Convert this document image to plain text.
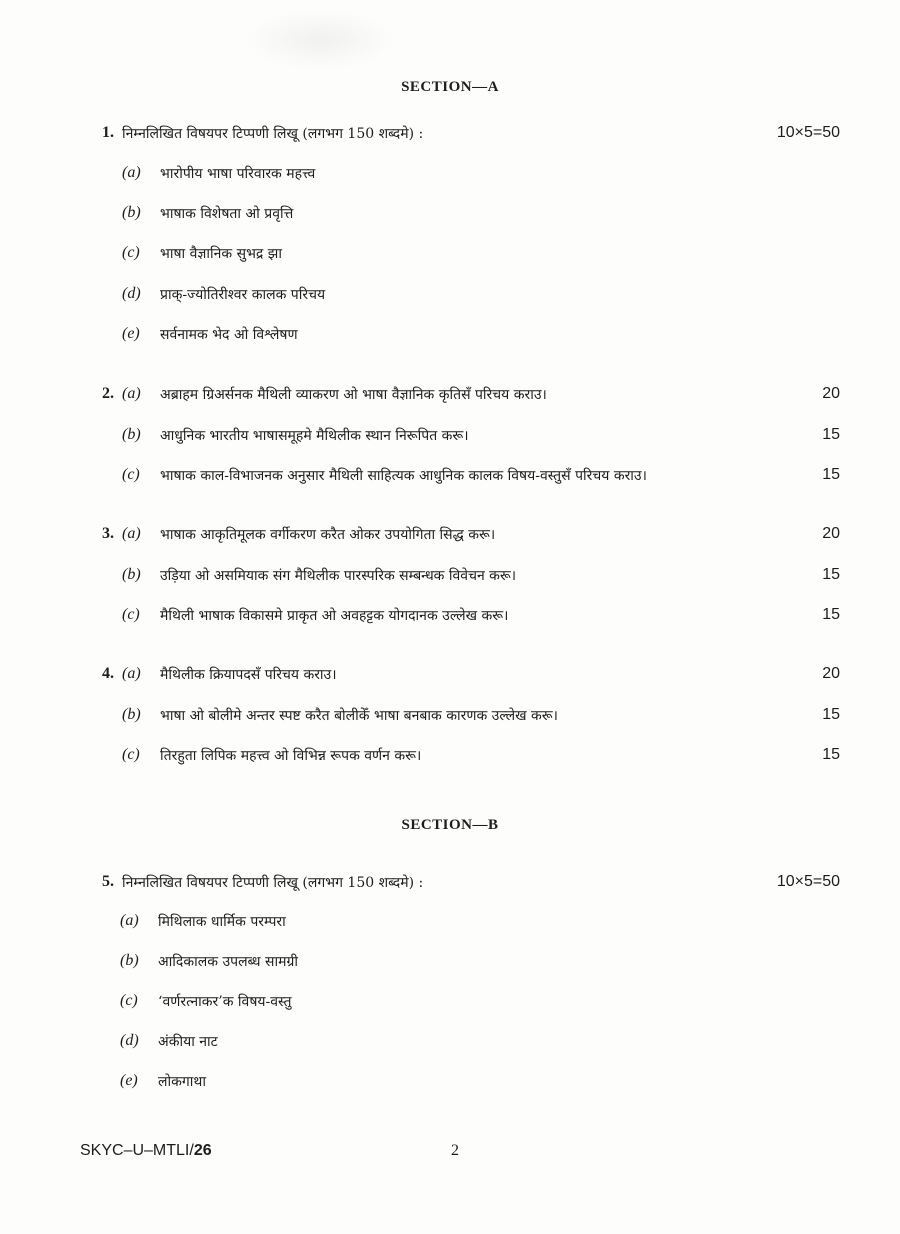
SECTION—A
1. निम्नलिखित विषयपर टिप्पणी लिखू (लगभग 150 शब्दमे) :	10×5=50
(a)	भारोपीय भाषा परिवारक महत्त्व
(b)	भाषाक विशेषता ओ प्रवृत्ति
(c)	भाषा वैज्ञानिक सुभद्र झा
(d)	प्राक्-ज्योतिरीश्वर कालक परिचय
(e)	सर्वनामक भेद ओ विश्लेषण
2. (a)	अब्राहम ग्रिअर्सनक मैथिली व्याकरण ओ भाषा वैज्ञानिक कृतिसँ परिचय कराउ।	20
(b)	आधुनिक भारतीय भाषासमूहमे मैथिलीक स्थान निरूपित करू।	15
(c)	भाषाक काल-विभाजनक अनुसार मैथिली साहित्यक आधुनिक कालक विषय-वस्तुसँ परिचय कराउ।	15
3. (a)	भाषाक आकृतिमूलक वर्गीकरण करैत ओकर उपयोगिता सिद्ध करू।	20
(b)	उड़िया ओ असमियाक संग मैथिलीक पारस्परिक सम्बन्धक विवेचन करू।	15
(c)	मैथिली भाषाक विकासमे प्राकृत ओ अवहट्टक योगदानक उल्लेख करू।	15
4. (a)	मैथिलीक क्रियापदसँ परिचय कराउ।	20
(b)	भाषा ओ बोलीमे अन्तर स्पष्ट करैत बोलीकेँ भाषा बनबाक कारणक उल्लेख करू।	15
(c)	तिरहुता लिपिक महत्त्व ओ विभिन्न रूपक वर्णन करू।	15
SECTION—B
5. निम्नलिखित विषयपर टिप्पणी लिखू (लगभग 150 शब्दमे) :	10×5=50
(a)	मिथिलाक धार्मिक परम्परा
(b)	आदिकालक उपलब्ध सामग्री
(c)	‘वर्णरत्नाकर’क विषय-वस्तु
(d)	अंकीया नाट
(e)	लोकगाथा
SKYC–U–MTLI/26	2
